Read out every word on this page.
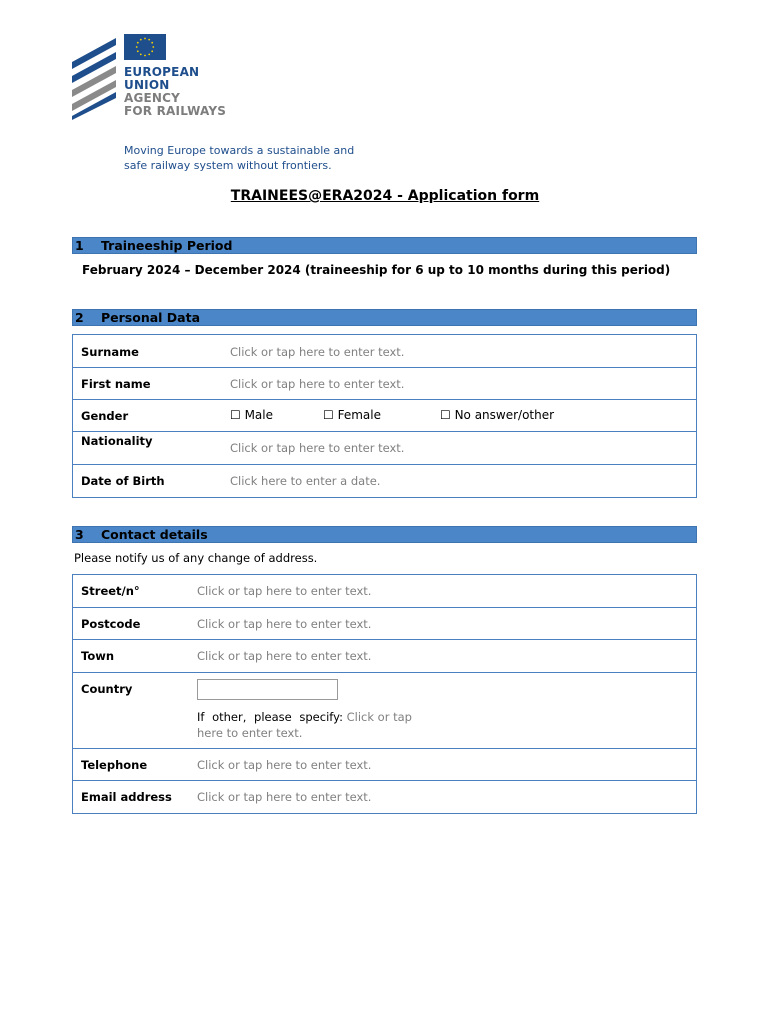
EUROPEAN
UNION
AGENCY
FOR RAILWAYS
Moving Europe towards a sustainable and
safe railway system without frontiers.
TRAINEES@ERA2024 - Application form
1 Traineeship Period
February 2024 – December 2024 (traineeship for 6 up to 10 months during this period)
2 Personal Data
Surname	Click or tap here to enter text.
First name	Click or tap here to enter text.
Gender	☐ Male	☐ Female	☐ No answer/other
Nationality	Click or tap here to enter text.
Date of Birth	Click here to enter a date.
3 Contact details
Please notify us of any change of address.
Street/n°	Click or tap here to enter text.
Postcode	Click or tap here to enter text.
Town	Click or tap here to enter text.
Country
If other, please specify: Click or tap here to enter text.
Telephone	Click or tap here to enter text.
Email address Click or tap here to enter text.
